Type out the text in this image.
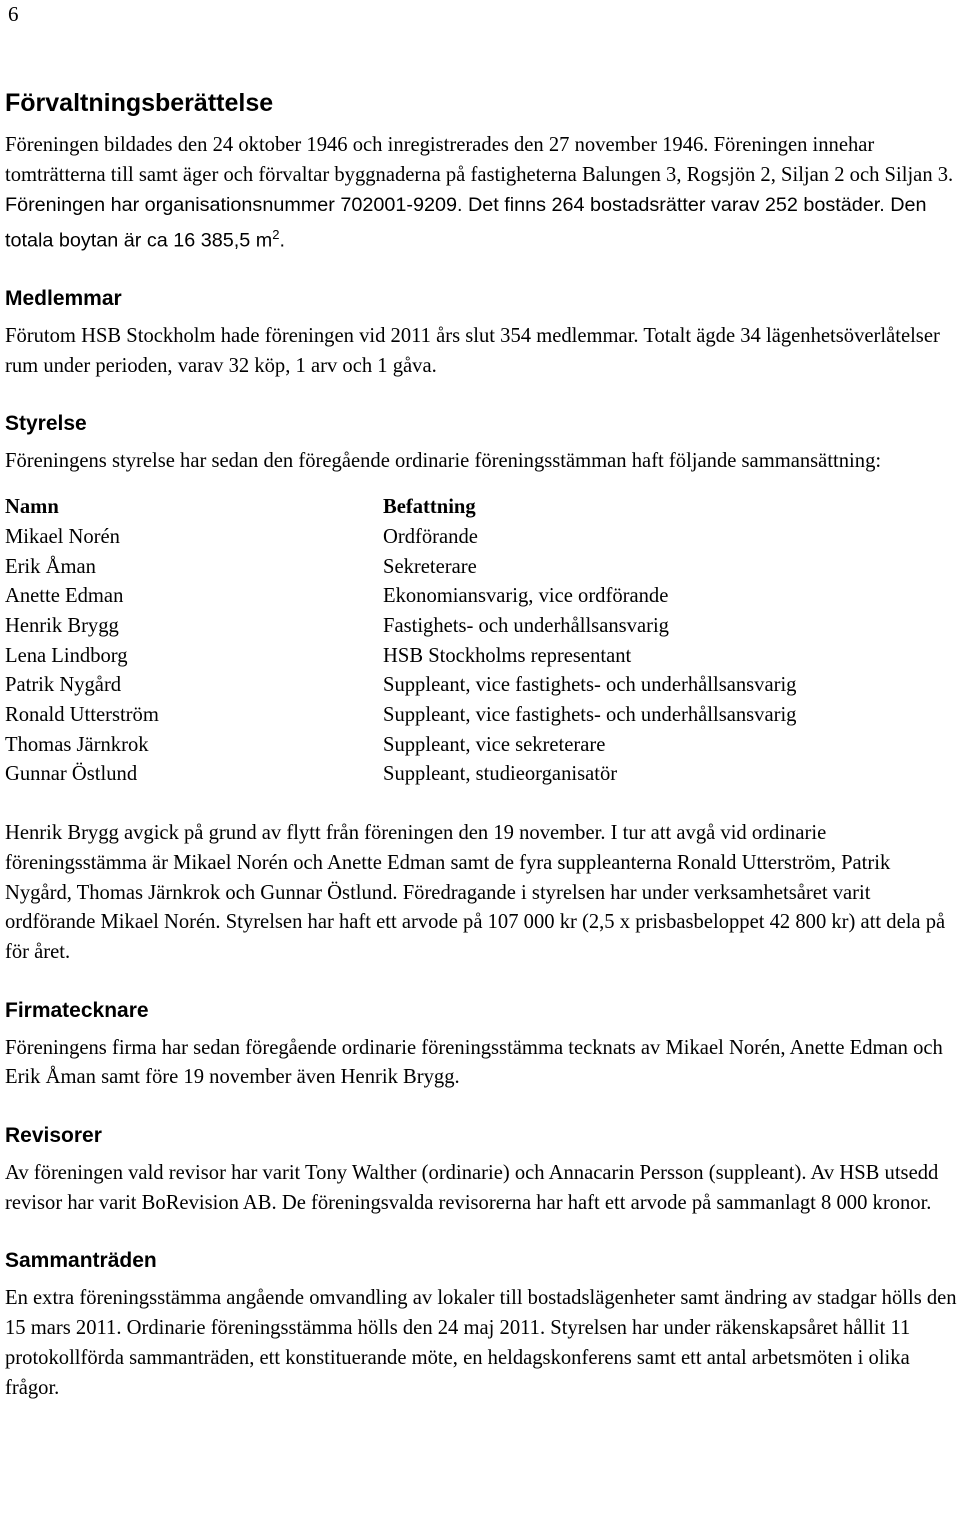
6
Förvaltningsberättelse

Föreningen bildades den 24 oktober 1946 och inregistrerades den 27 november 1946. Föreningen innehar tomträtterna till samt äger och förvaltar byggnaderna på fastigheterna Balungen 3, Rogsjön 2, Siljan 2 och Siljan 3.

Föreningen har organisationsnummer 702001-9209. Det finns 264 bostadsrätter varav 252 bostäder. Den totala boytan är ca 16 385,5 $m^2$.

Medlemmar

Förutom HSB Stockholm hade föreningen vid 2011 års slut 354 medlemmar. Totalt ägde 34 lägenhetsöverlåtelser rum under perioden, varav 32 köp, 1 arv och 1 gåva.

Styrelse

Föreningens styrelse har sedan den föregående ordinarie föreningsstämman haft följande sammansättning:

Namn	Befattning
Mikael Norén	Ordförande
Erik Åman	Sekreterare
Anette Edman	Ekonomiansvarig, vice ordförande
Henrik Brygg	Fastighets- och underhållsansvarig
Lena Lindborg	HSB Stockholms representant
Patrik Nygård	Suppleant, vice fastighets- och underhållsansvarig
Ronald Utterström	Suppleant, vice fastighets- och underhållsansvarig
Thomas Järnkrok	Suppleant, vice sekreterare
Gunnar Östlund	Suppleant, studieorganisatör

Henrik Brygg avgick på grund av flytt från föreningen den 19 november. I tur att avgå vid ordinarie föreningsstämma är Mikael Norén och Anette Edman samt de fyra suppleanterna Ronald Utterström, Patrik Nygård, Thomas Järnkrok och Gunnar Östlund. Föredragande i styrelsen har under verksamhetsåret varit ordförande Mikael Norén. Styrelsen har haft ett arvode på 107 000 kr (2,5 x prisbasbeloppet 42 800 kr) att dela på för året.

Firmatecknare

Föreningens firma har sedan föregående ordinarie föreningsstämma tecknats av Mikael Norén, Anette Edman och Erik Åman samt före 19 november även Henrik Brygg.

Revisorer

Av föreningen vald revisor har varit Tony Walther (ordinarie) och Annacarin Persson (suppleant). Av HSB utsedd revisor har varit BoRevision AB. De föreningsvalda revisorerna har haft ett arvode på sammanlagt 8 000 kronor.

Sammanträden

En extra föreningsstämma angående omvandling av lokaler till bostadslägenheter samt ändring av stadgar hölls den 15 mars 2011. Ordinarie föreningsstämma hölls den 24 maj 2011. Styrelsen har under räkenskapsåret hållit 11 protokollförda sammanträden, ett konstituerande möte, en heldagskonferens samt ett antal arbetsmöten i olika frågor.
